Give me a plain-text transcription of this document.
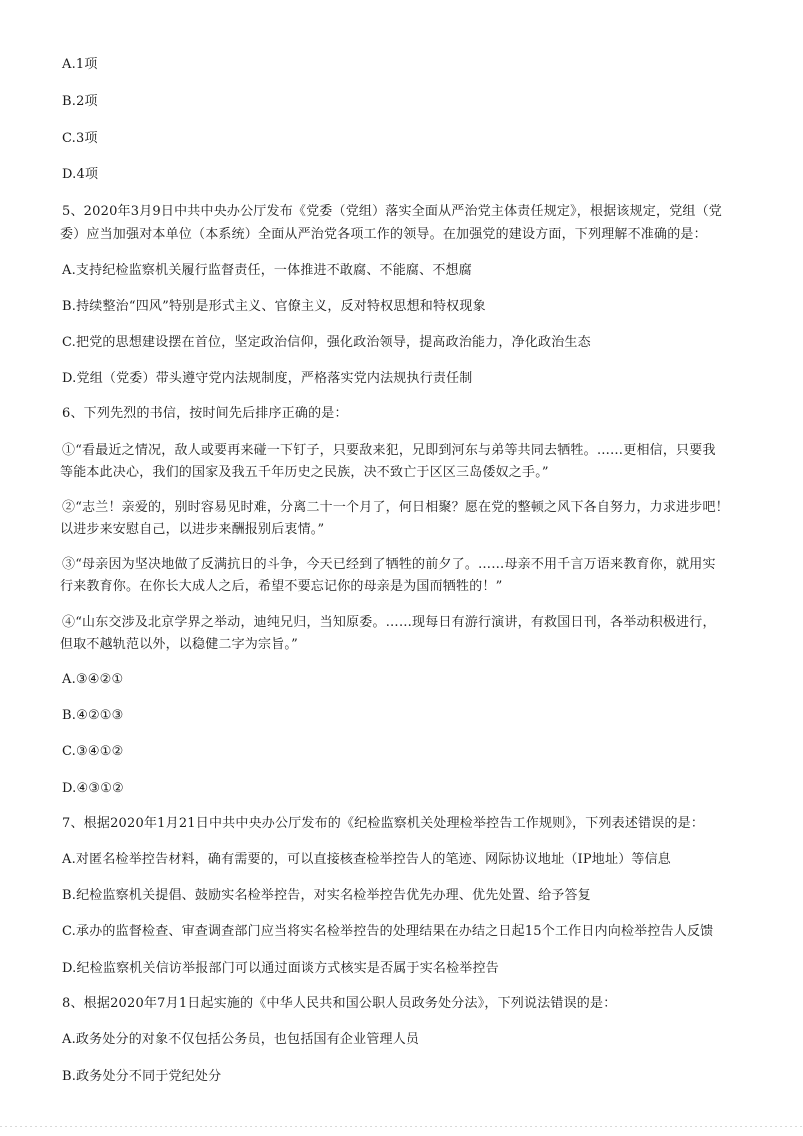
A.1项
B.2项
C.3项
D.4项
5、2020年3月9日中共中央办公厅发布《党委（党组）落实全面从严治党主体责任规定》，根据该规定，党组（党
委）应当加强对本单位（本系统）全面从严治党各项工作的领导。在加强党的建设方面，下列理解不准确的是：
A.支持纪检监察机关履行监督责任，一体推进不敢腐、不能腐、不想腐
B.持续整治“四风”特别是形式主义、官僚主义，反对特权思想和特权现象
C.把党的思想建设摆在首位，坚定政治信仰，强化政治领导，提高政治能力，净化政治生态
D.党组（党委）带头遵守党内法规制度，严格落实党内法规执行责任制
6、下列先烈的书信，按时间先后排序正确的是：
①“看最近之情况，敌人或要再来碰一下钉子，只要敌来犯，兄即到河东与弟等共同去牺牲。……更相信，只要我
等能本此决心，我们的国家及我五千年历史之民族，决不致亡于区区三岛倭奴之手。”
②“志兰！亲爱的，别时容易见时难，分离二十一个月了，何日相聚？愿在党的整顿之风下各自努力，力求进步吧！
以进步来安慰自己，以进步来酬报别后衷情。”
③“母亲因为坚决地做了反满抗日的斗争，今天已经到了牺牲的前夕了。……母亲不用千言万语来教育你，就用实
行来教育你。在你长大成人之后，希望不要忘记你的母亲是为国而牺牲的！”
④“山东交涉及北京学界之举动，迪纯兄归，当知原委。……现每日有游行演讲，有救国日刊，各举动积极进行，
但取不越轨范以外，以稳健二字为宗旨。”
A.③④②①
B.④②①③
C.③④①②
D.④③①②
7、根据2020年1月21日中共中央办公厅发布的《纪检监察机关处理检举控告工作规则》，下列表述错误的是：
A.对匿名检举控告材料，确有需要的，可以直接核查检举控告人的笔迹、网际协议地址（IP地址）等信息
B.纪检监察机关提倡、鼓励实名检举控告，对实名检举控告优先办理、优先处置、给予答复
C.承办的监督检查、审查调查部门应当将实名检举控告的处理结果在办结之日起15个工作日内向检举控告人反馈
D.纪检监察机关信访举报部门可以通过面谈方式核实是否属于实名检举控告
8、根据2020年7月1日起实施的《中华人民共和国公职人员政务处分法》，下列说法错误的是：
A.政务处分的对象不仅包括公务员，也包括国有企业管理人员
B.政务处分不同于党纪处分
